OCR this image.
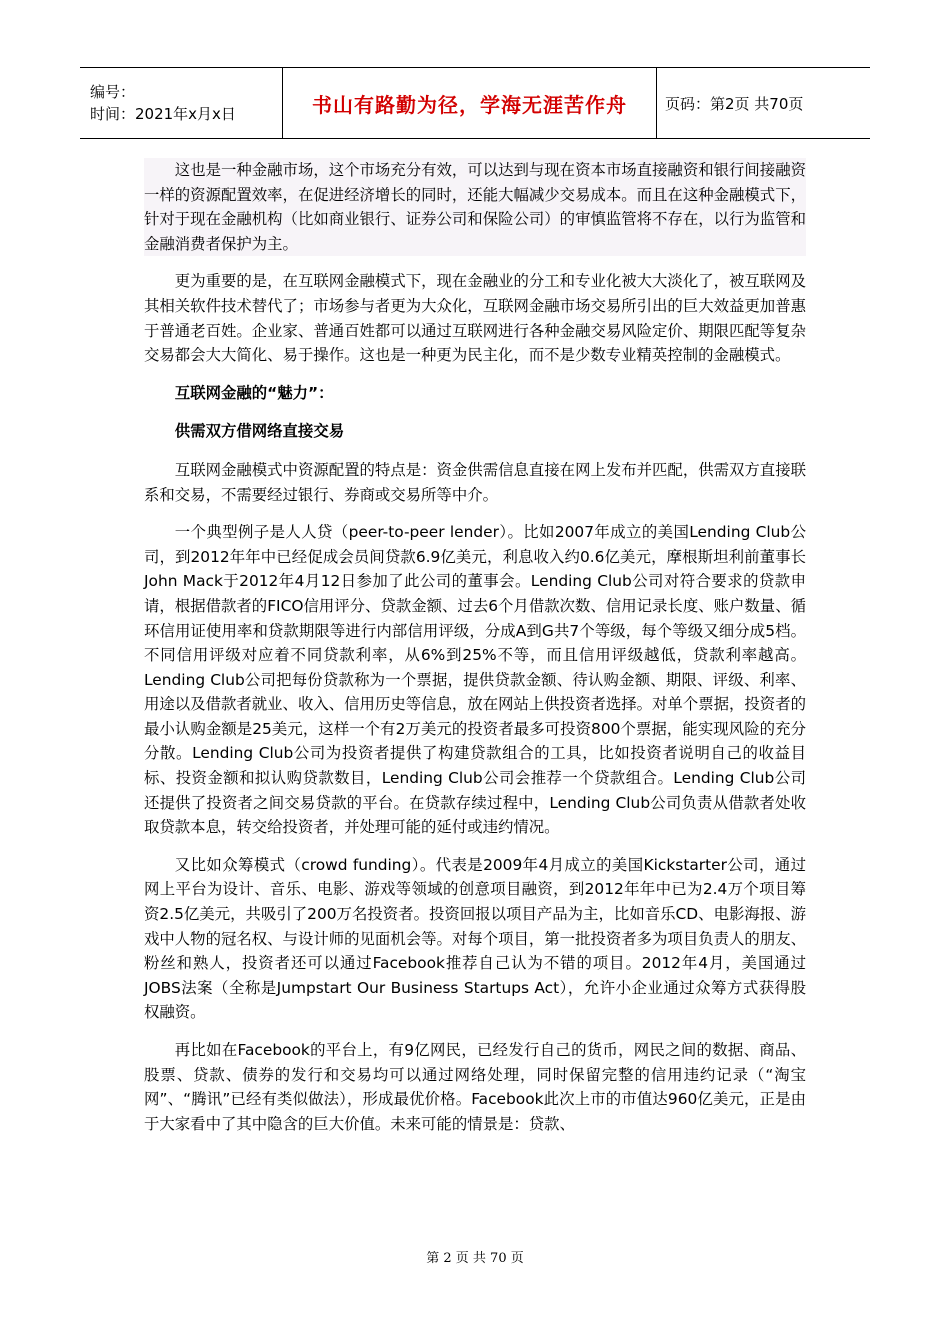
编号：
时间：2021年x月x日	书山有路勤为径，学海无涯苦作舟	页码：第2页 共70页

这也是一种金融市场，这个市场充分有效，可以达到与现在资本市场直接融资和银行间接融资一样的资源配置效率，在促进经济增长的同时，还能大幅减少交易成本。而且在这种金融模式下，针对于现在金融机构（比如商业银行、证券公司和保险公司）的审慎监管将不存在，以行为监管和金融消费者保护为主。

更为重要的是，在互联网金融模式下，现在金融业的分工和专业化被大大淡化了，被互联网及其相关软件技术替代了；市场参与者更为大众化，互联网金融市场交易所引出的巨大效益更加普惠于普通老百姓。企业家、普通百姓都可以通过互联网进行各种金融交易风险定价、期限匹配等复杂交易都会大大简化、易于操作。这也是一种更为民主化，而不是少数专业精英控制的金融模式。

互联网金融的“魅力”：

供需双方借网络直接交易

互联网金融模式中资源配置的特点是：资金供需信息直接在网上发布并匹配，供需双方直接联系和交易，不需要经过银行、券商或交易所等中介。

一个典型例子是人人贷（peer-to-peer lender）。比如2007年成立的美国Lending Club公司，到2012年年中已经促成会员间贷款6.9亿美元，利息收入约0.6亿美元，摩根斯坦利前董事长John Mack于2012年4月12日参加了此公司的董事会。Lending Club公司对符合要求的贷款申请，根据借款者的FICO信用评分、贷款金额、过去6个月借款次数、信用记录长度、账户数量、循环信用证使用率和贷款期限等进行内部信用评级，分成A到G共7个等级，每个等级又细分成5档。不同信用评级对应着不同贷款利率，从6%到25%不等，而且信用评级越低，贷款利率越高。Lending Club公司把每份贷款称为一个票据，提供贷款金额、待认购金额、期限、评级、利率、用途以及借款者就业、收入、信用历史等信息，放在网站上供投资者选择。对单个票据，投资者的最小认购金额是25美元，这样一个有2万美元的投资者最多可投资800个票据，能实现风险的充分分散。Lending Club公司为投资者提供了构建贷款组合的工具，比如投资者说明自己的收益目标、投资金额和拟认购贷款数目，Lending Club公司会推荐一个贷款组合。Lending Club公司还提供了投资者之间交易贷款的平台。在贷款存续过程中，Lending Club公司负责从借款者处收取贷款本息，转交给投资者，并处理可能的延付或违约情况。

又比如众筹模式（crowd funding）。代表是2009年4月成立的美国Kickstarter公司，通过网上平台为设计、音乐、电影、游戏等领域的创意项目融资，到2012年年中已为2.4万个项目筹资2.5亿美元，共吸引了200万名投资者。投资回报以项目产品为主，比如音乐CD、电影海报、游戏中人物的冠名权、与设计师的见面机会等。对每个项目，第一批投资者多为项目负责人的朋友、粉丝和熟人，投资者还可以通过Facebook推荐自己认为不错的项目。2012年4月，美国通过JOBS法案（全称是Jumpstart Our Business Startups Act），允许小企业通过众筹方式获得股权融资。

再比如在Facebook的平台上，有9亿网民，已经发行自己的货币，网民之间的数据、商品、股票、贷款、债券的发行和交易均可以通过网络处理，同时保留完整的信用违约记录（“淘宝网”、“腾讯”已经有类似做法），形成最优价格。Facebook此次上市的市值达960亿美元，正是由于大家看中了其中隐含的巨大价值。未来可能的情景是：贷款、

第 2 页 共 70 页
